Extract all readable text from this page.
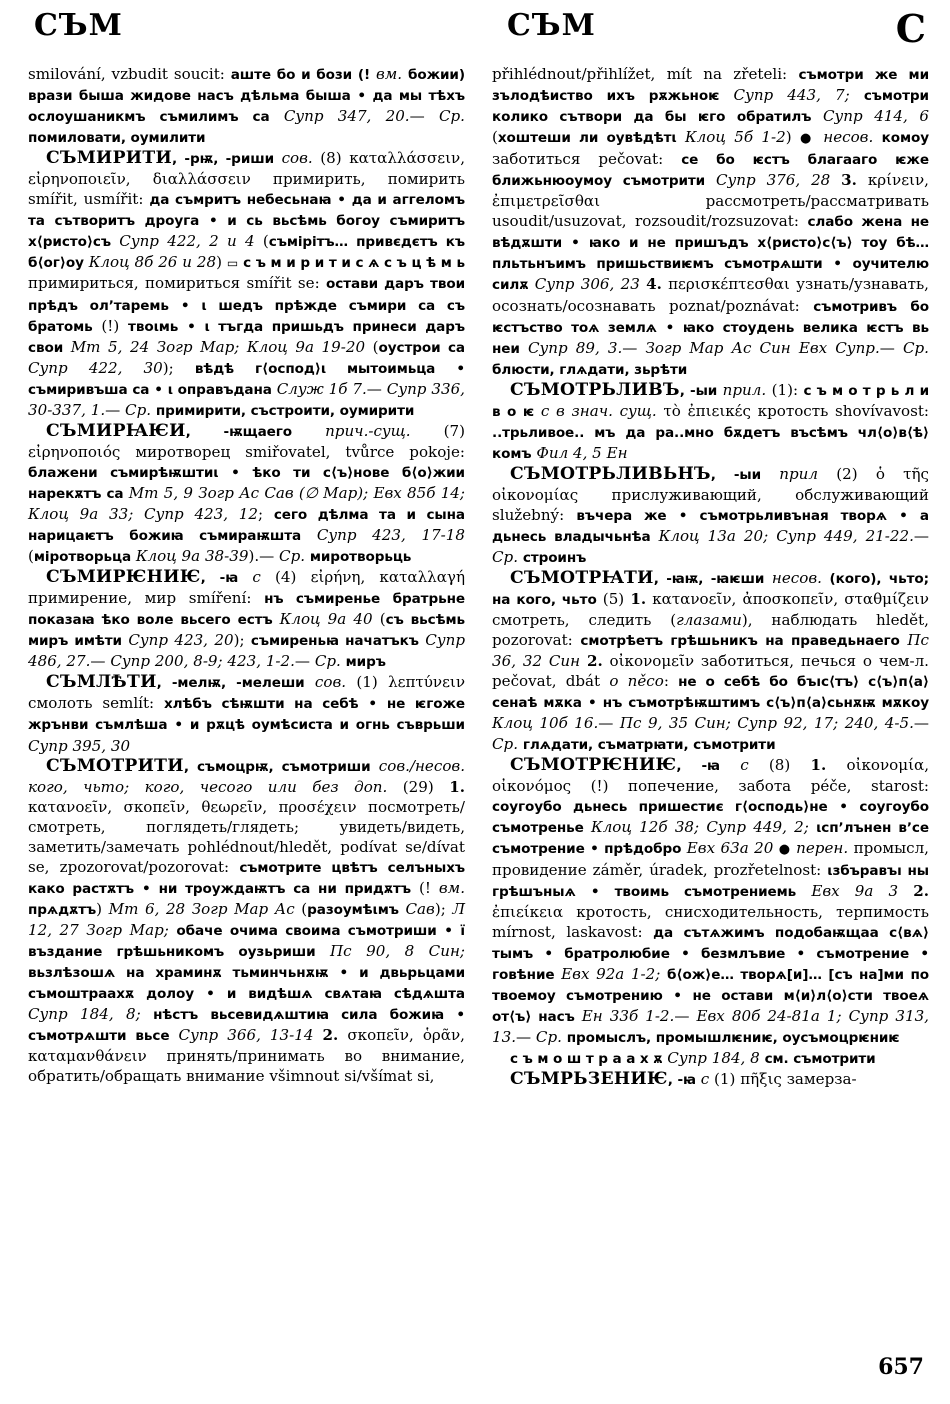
СЪМ	СЪМ	С

smilování, vzbudit soucit: аште бо и бози (! вм. божии) врази быша жидове насъ дѣльма быша • да мы тѣхъ ослоушаникмъ съмилимъ са Супр 347, 20.— Ср. помиловати, оумилити

СЪМИРИТИ, -рѭ, -риши сов. (8) καταλλάσσειν, εἰρηνοποιεῖν, διαλλάσσειν примирить, помирить smířit, usmířit: да съмритъ небесьнаꙗ • да и аггеломъ та сътворитъ дроуга • и сь вьсѣмь богоу съмиритъ х⟨ристо⟩съ Супр 422, 2 и 4 (съмірітъ… привєдєтъ къ б⟨ог⟩оу Клоц 8б 26 и 28) ▭ с ъ м и р и т и с ѧ с ъ ц ѣ м ь примириться, помириться smířit se: остави даръ твои прѣдъ олʼтаремь • ι шедъ прѣжде съмири са съ братомь (!) твоιмь • ι тъгда пришьдъ принеси даръ свои Мт 5, 24 Зогр Мар; Клоц 9а 19-20 (оустрои са Супр 422, 30); вѣдѣ г⟨оспод⟩ι мытоимьца • съмиривъша са • ι оправъдана Служ 1б 7.— Супр 336, 30-337, 1.— Ср. примирити, състроити, оумирити

СЪМИРꙖѤИ, -ѭщаего прич.-сущ. (7) εἰρηνοποιός миротворец smiřovatel, tvůrce pokoje: блажени съмирѣѭштиι • ѣко ти с⟨ъ⟩нове б⟨о⟩жии нарекѫтъ са Мт 5, 9 Зогр Ас Сав (∅ Мар); Евх 85б 14; Клоц 9а 33; Супр 423, 12; сего дѣлма та и сына нарицаѥтъ божиꙗ съмираѭшта Супр 423, 17-18 (міротворьца Клоц 9а 38-39).— Ср. миротворьць

СЪМИРѤНИѤ, -ꙗ с (4) εἰρήνη, καταλλαγή примирение, мир smíření: нъ съмиренье братрьне показаꙗ ѣко воле вьсего естъ Клоц 9а 40 (съ вьсѣмь миръ имѣти Супр 423, 20); съмиреньꙗ начатъкъ Супр 486, 27.— Супр 200, 8-9; 423, 1-2.— Ср. миръ

СЪМЛѢТИ, -мелѭ, -мелеши сов. (1) λεπτύνειν смолоть semlít: хлѣбъ сѣѭшти на себѣ • не ѥгоже жрънви съмлѣша • и рѫцѣ оумѣсиста и огнь съврьши Супр 395, 30

СЪМОТРИТИ, съмоцрѭ, съмотриши сов./несов. кого, чьто; кого, чесого или без доп. (29) 1. κατανοεῖν, σκοπεῖν, θεωρεῖν, προσέχειν посмотреть/смотреть, поглядеть/глядеть; увидеть/видеть, заметить/замечать pohlédnout/hledět, podívat se/dívat se, zpozorovat/pozorovat: съмотрите цвѣтъ селъныхъ како растѫтъ • ни троуждаѭтъ са ни придѫтъ (! вм. прѧдѫтъ) Мт 6, 28 Зогр Мар Ас (разоумѣιмъ Сав); Л 12, 27 Зогр Мар; обаче очима своима съмотриши • ї въздание грѣшьникомъ оузьриши Пс 90, 8 Син; вьзлѣзошѧ на храминѫ тьминчьнѫѭ • и двьрьцами съмоштраахѫ долоу • и видѣшѧ свѧтаꙗ сѣдѧшта Супр 184, 8; нѣстъ вьсевидѧштиꙗ сила божиꙗ • съмотрѧшти вьсе Супр 366, 13-14 2. σκοπεῖν, ὁρᾶν, καταμανθάνειν принять/принимать во внимание, обратить/обращать внимание všimnout si/všímat si,

přihlédnout/přihlížet, mít na zřeteli: съмотри же ми зълодѣиство ихъ рѫжьноѥ Супр 443, 7; съмотри колико сътвори да бы ѥго обратилъ Супр 414, 6 (хоштеши ли оувѣдѣтι Клоц 5б 1-2) ● несов. комоу заботиться pečovat: се бо ѥстъ благааго ѥже ближьнюоумоу съмотрити Супр 376, 28 3. κρίνειν, ἐπιμετρεῖσθαι	рассмотреть/рассматривать usoudit/usuzovat, rozsoudit/rozsuzovat: слабо жена не вѣдѫшти • ꙗко и не пришъдъ х⟨ристо⟩с⟨ъ⟩ тоу бѣ… пльтьнъимъ пришьствиѥмъ съмотрѧшти • оучителю силѫ Супр 306, 23 4. περισκέπτεσθαι узнать/узнавать, осознать/осознавать poznat/poznávat: съмотривъ бо ѥстъство тоѧ землѧ • ꙗко стоудень велика ѥстъ вь неи Супр 89, 3.— Зогр Мар Ас Син Евх Супр.— Ср. блюсти, глѧдати, зьрѣти

СЪМОТРЬЛИВЪ, -ыи прил. (1): с ъ м о т р ь л и в о ѥ с в знач. сущ. τὸ ἐπιεικές кротость shovívavost: ..трьливое.. мъ да ра..мно бѫдетъ въсѣмъ чл⟨о⟩в⟨ѣ⟩комъ Фил 4, 5 Ен

СЪМОТРЬЛИВЬНЪ, -ыи прил (2) ὁ τῆς οἰκονομίας прислуживающий, обслуживающий služebný: въчера же • съмотрьливъная творѧ • а дьнесь владычьнѣа Клоц 13а 20; Супр 449, 21-22.— Ср. строинъ

СЪМОТРꙖТИ, -ꙗѭ, -ꙗѥши несов. (кого), чьто; на кого, чьто (5) 1. κατανοεῖν, ἀποσκοπεῖν, σταθμίζειν смотреть, следить (глазами), наблюдать hledět, pozorovat: смотрѣетъ грѣшьникъ на праведьнаего Пс 36, 32 Син 2. οἰκονομεῖν заботиться, печься о чем-л. pečovat, dbát o něco: не о себѣ бо бъıс⟨тъ⟩ с⟨ъ⟩п⟨а⟩сенаѣ мѫка • нъ съмотрѣѭштимъ с⟨ъ⟩п⟨а⟩сьнѫѭ мѫкоу Клоц 10б 16.— Пс 9, 35 Син; Супр 92, 17; 240, 4-5.— Ср. глѧдати, съматрꙗти, съмотрити

СЪМОТРѤНИѤ, -ꙗ с (8) 1. οἰκονομία, οἰκονόμος (!) попечение, забота péče, starost: соугоубо дьнесь пришестиє г⟨осподь⟩не • соугоубо съмотренье Клоц 12б 38; Супр 449, 2; ιспʼлънен вʼсе съмотрение • прѣдобро Евх 63а 20 ● перен. промысл, провидение záměr, úradek, prozřetelnost: ιзбъравъı ны грѣшъныѧ • твоимь съмотрениемь Евх 9а 3 2. ἐπιείκεια кротость, снисходительность, терпимость mírnost, laskavost: да сътѧжимъ подобаѭщаа с⟨вѧ⟩тымъ • братролюбие • безмлъвие • съмотрение • говѣние Евх 92а 1-2; б⟨ож⟩е… творѧ[и]… [съ на]ми по твоемоу съмотрению • не остави м⟨и⟩л⟨о⟩сти твоеѧ от⟨ъ⟩ насъ Ен 33б 1-2.— Евх 80б 24-81а 1; Супр 313, 13.— Ср. промыслъ, промышлѥниѥ, оусъмоцрѥниѥ

с ъ м о ш т р а а х ѫ Супр 184, 8 см. съмотрити

СЪМРЬЗЕНИѤ, -ꙗ с (1) πῆξις замерза-

657
